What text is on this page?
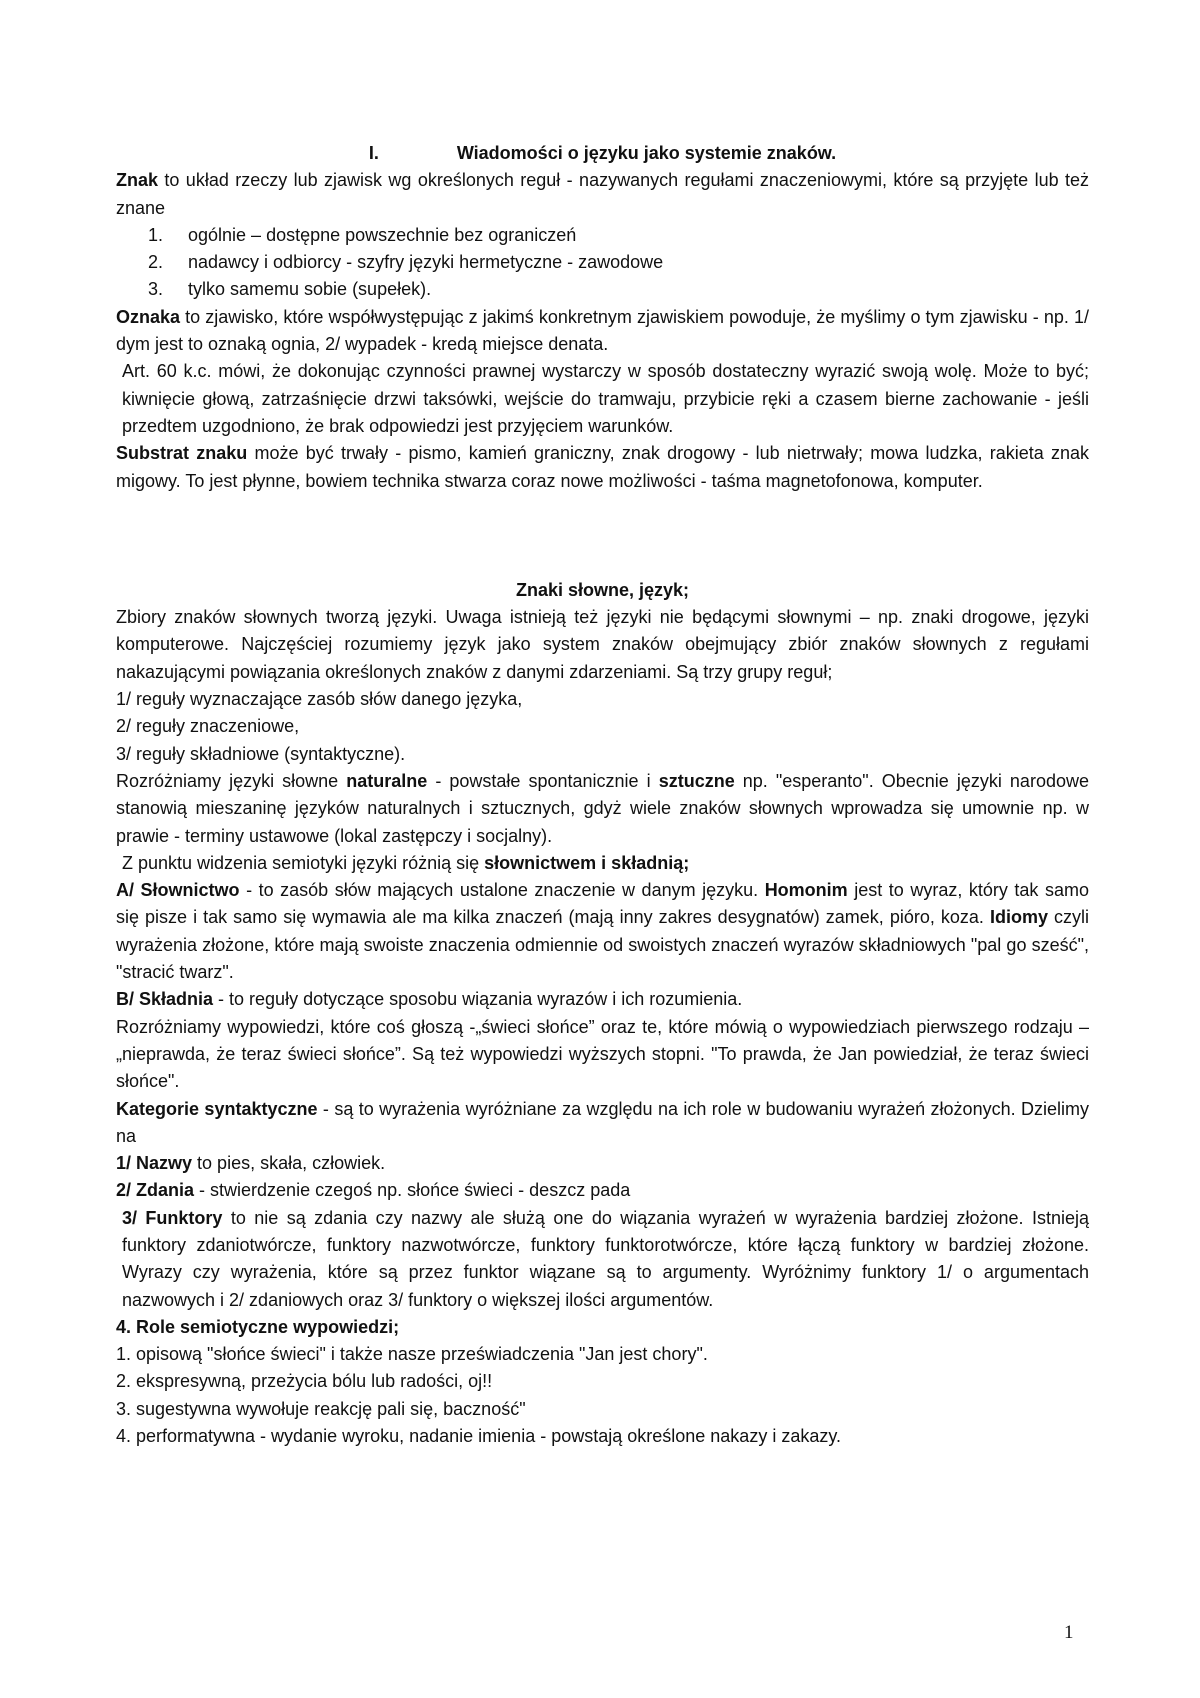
I.	Wiadomości o języku jako systemie znaków.

Znak to układ rzeczy lub zjawisk wg określonych reguł - nazywanych regułami znaczeniowymi, które są przyjęte lub też znane

1.	ogólnie – dostępne powszechnie bez ograniczeń
2.	nadawcy i odbiorcy - szyfry języki hermetyczne - zawodowe
3.	tylko samemu sobie (supełek).

Oznaka to zjawisko, które współwystępując z jakimś konkretnym zjawiskiem powoduje, że myślimy o tym zjawisku - np. 1/ dym jest to oznaką ognia, 2/ wypadek - kredą miejsce denata.

Art. 60 k.c. mówi, że dokonując czynności prawnej wystarczy w sposób dostateczny wyrazić swoją wolę. Może to być; kiwnięcie głową, zatrzaśnięcie drzwi taksówki, wejście do tramwaju, przybicie ręki a czasem bierne zachowanie - jeśli przedtem uzgodniono, że brak odpowiedzi jest przyjęciem warunków.

Substrat znaku może być trwały - pismo, kamień graniczny, znak drogowy - lub nietrwały; mowa ludzka, rakieta znak migowy. To jest płynne, bowiem technika stwarza coraz nowe możliwości - taśma magnetofonowa, komputer.

Znaki słowne, język;

Zbiory znaków słownych tworzą języki. Uwaga istnieją też języki nie będącymi słownymi – np. znaki drogowe, języki komputerowe. Najczęściej rozumiemy język jako system znaków obejmujący zbiór znaków słownych z regułami nakazującymi powiązania określonych znaków z danymi zdarzeniami. Są trzy grupy reguł;

1/ reguły wyznaczające zasób słów danego języka,

2/ reguły znaczeniowe,

3/ reguły składniowe (syntaktyczne).

Rozróżniamy języki słowne naturalne - powstałe spontanicznie i sztuczne np. "esperanto". Obecnie języki narodowe stanowią mieszaninę języków naturalnych i sztucznych, gdyż wiele znaków słownych wprowadza się umownie np. w prawie - terminy ustawowe (lokal zastępczy i socjalny).

Z punktu widzenia semiotyki języki różnią się słownictwem i składnią;

A/ Słownictwo - to zasób słów mających ustalone znaczenie w danym języku. Homonim jest to wyraz, który tak samo się pisze i tak samo się wymawia ale ma kilka znaczeń (mają inny zakres desygnatów) zamek, pióro, koza. Idiomy czyli wyrażenia złożone, które mają swoiste znaczenia odmiennie od swoistych znaczeń wyrazów składniowych "pal go sześć", "stracić twarz".

B/ Składnia - to reguły dotyczące sposobu wiązania wyrazów i ich rozumienia.

Rozróżniamy wypowiedzi, które coś głoszą -„świeci słońce” oraz te, które mówią o wypowiedziach pierwszego rodzaju – „nieprawda, że teraz świeci słońce”. Są też wypowiedzi wyższych stopni. "To prawda, że Jan powiedział, że teraz świeci słońce".

Kategorie syntaktyczne - są to wyrażenia wyróżniane za względu na ich role w budowaniu wyrażeń złożonych. Dzielimy na

1/ Nazwy to pies, skała, człowiek.

2/ Zdania - stwierdzenie czegoś np. słońce świeci - deszcz pada

3/ Funktory to nie są zdania czy nazwy ale służą one do wiązania wyrażeń w wyrażenia bardziej złożone. Istnieją funktory zdaniotwórcze, funktory nazwotwórcze, funktory funktorotwórcze, które łączą funktory w bardziej złożone. Wyrazy czy wyrażenia, które są przez funktor wiązane są to argumenty. Wyróżnimy funktory 1/ o argumentach nazwowych i 2/ zdaniowych oraz 3/ funktory o większej ilości argumentów.

4. Role semiotyczne wypowiedzi;

1. opisową "słońce świeci" i także nasze przeświadczenia "Jan jest chory".

2. ekspresywną, przeżycia bólu lub radości, oj!!

3. sugestywna wywołuje reakcję pali się, baczność"

4. performatywna - wydanie wyroku, nadanie imienia - powstają określone nakazy i zakazy.

1
